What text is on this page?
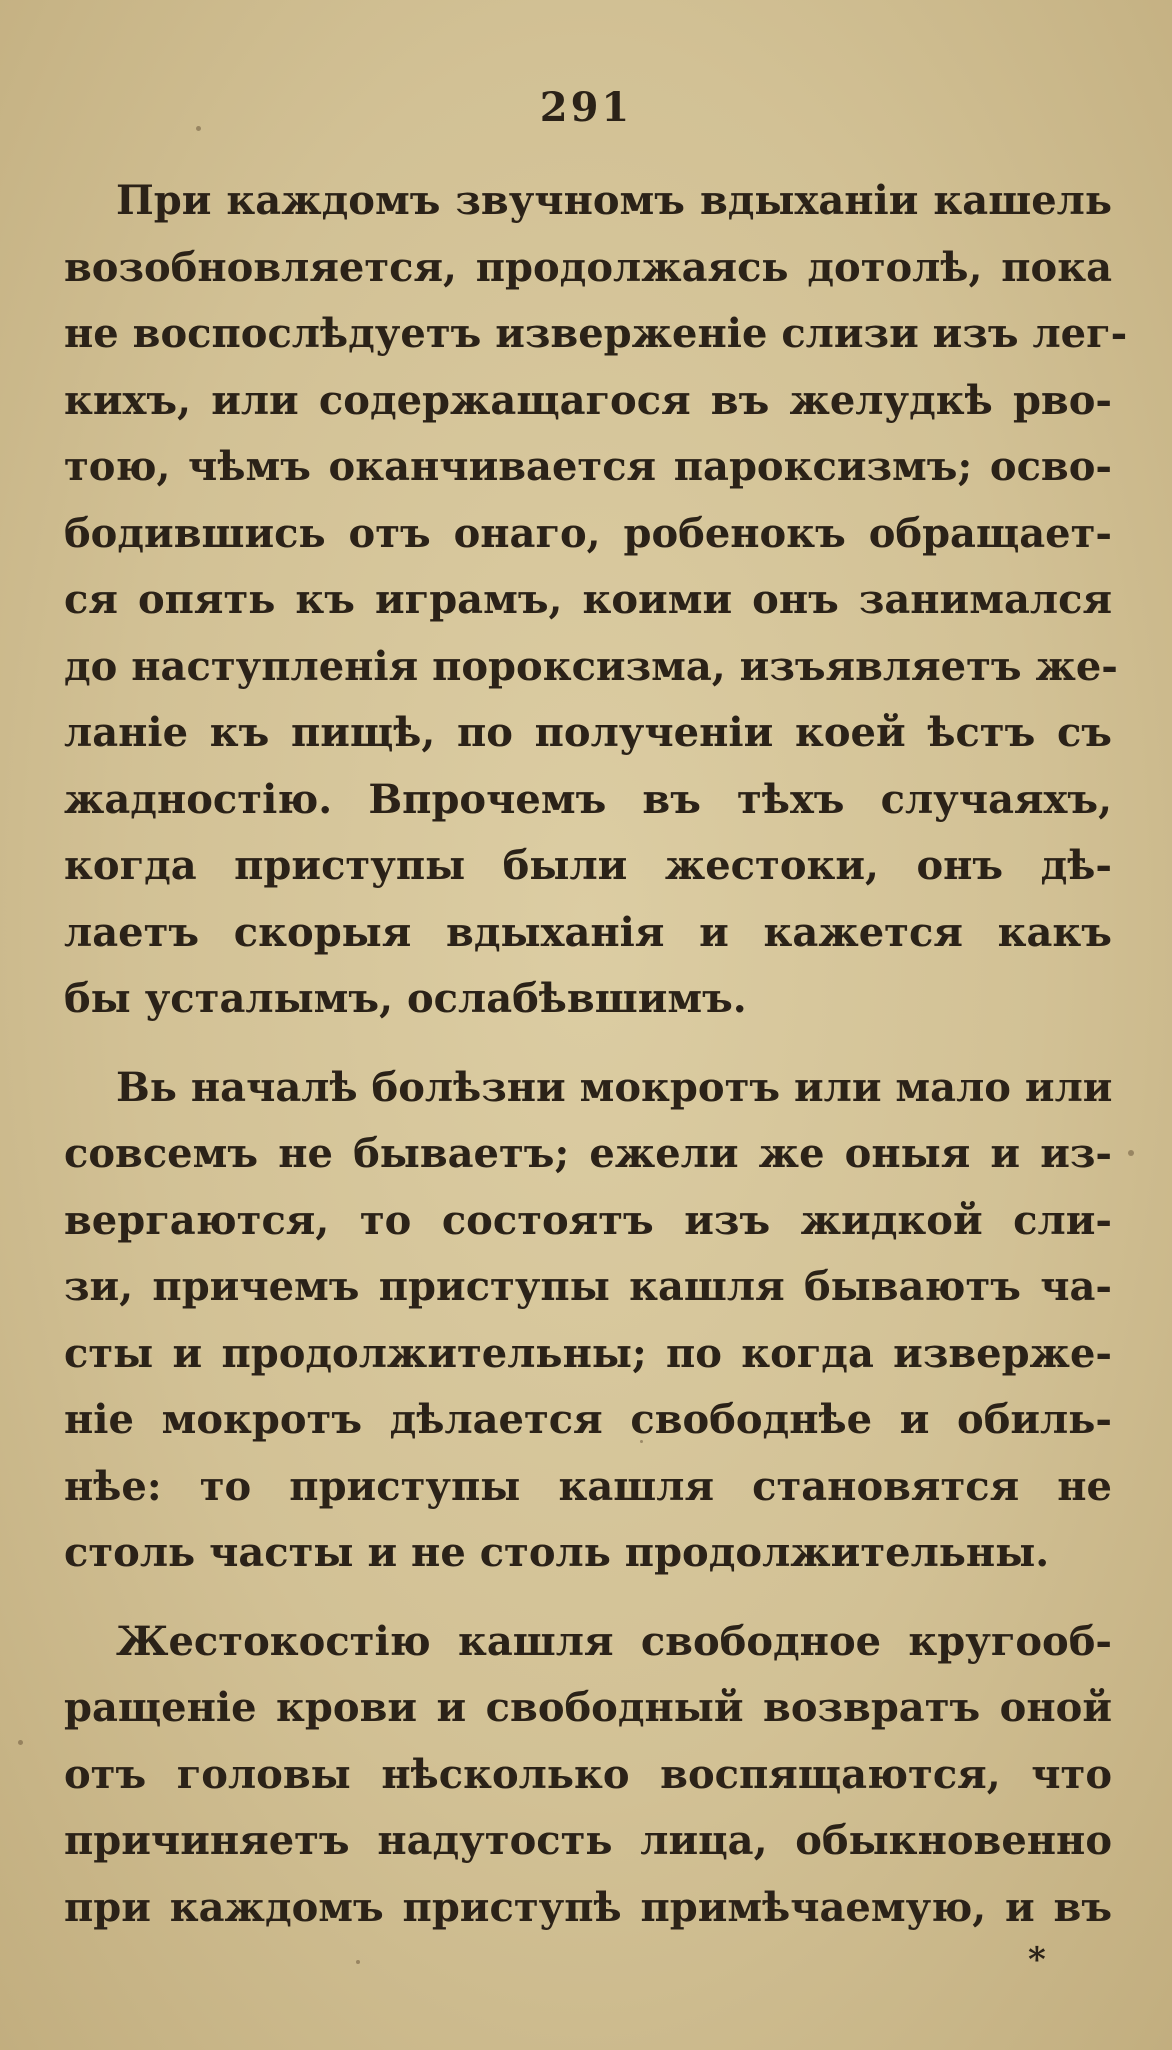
291
При каждомъ звучномъ вдыханіи кашель
возобновляется, продолжаясь дотолѣ, пока
не воспослѣдуетъ изверженіе слизи изъ лег-
кихъ, или содержащагося въ желудкѣ рво-
тою, чѣмъ оканчивается пароксизмъ; осво-
бодившись отъ онаго, робенокъ обращает-
ся опять къ играмъ, коими онъ занимался
до наступленія пороксизма, изъявляетъ же-
ланіе къ пищѣ, по полученіи коей ѣстъ съ
жадностію. Впрочемъ въ тѣхъ случаяхъ,
когда приступы были жестоки, онъ дѣ-
лаетъ скорыя вдыханія и кажется какъ
бы усталымъ, ослабѣвшимъ.
Вь началѣ болѣзни мокротъ или мало или
совсемъ не бываетъ; ежели же оныя и из-
вергаются, то состоятъ изъ жидкой сли-
зи, причемъ приступы кашля бываютъ ча-
сты и продолжительны; по когда изверже-
ніе мокротъ дѣлается свободнѣе и обиль-
нѣе: то приступы кашля становятся не
столь часты и не столь продолжительны.
Жестокостію кашля свободное кругооб-
ращеніе крови и свободный возвратъ оной
отъ головы нѣсколько воспящаются, что
причиняетъ надутость лица, обыкновенно
при каждомъ приступѣ примѣчаемую, и въ
*
